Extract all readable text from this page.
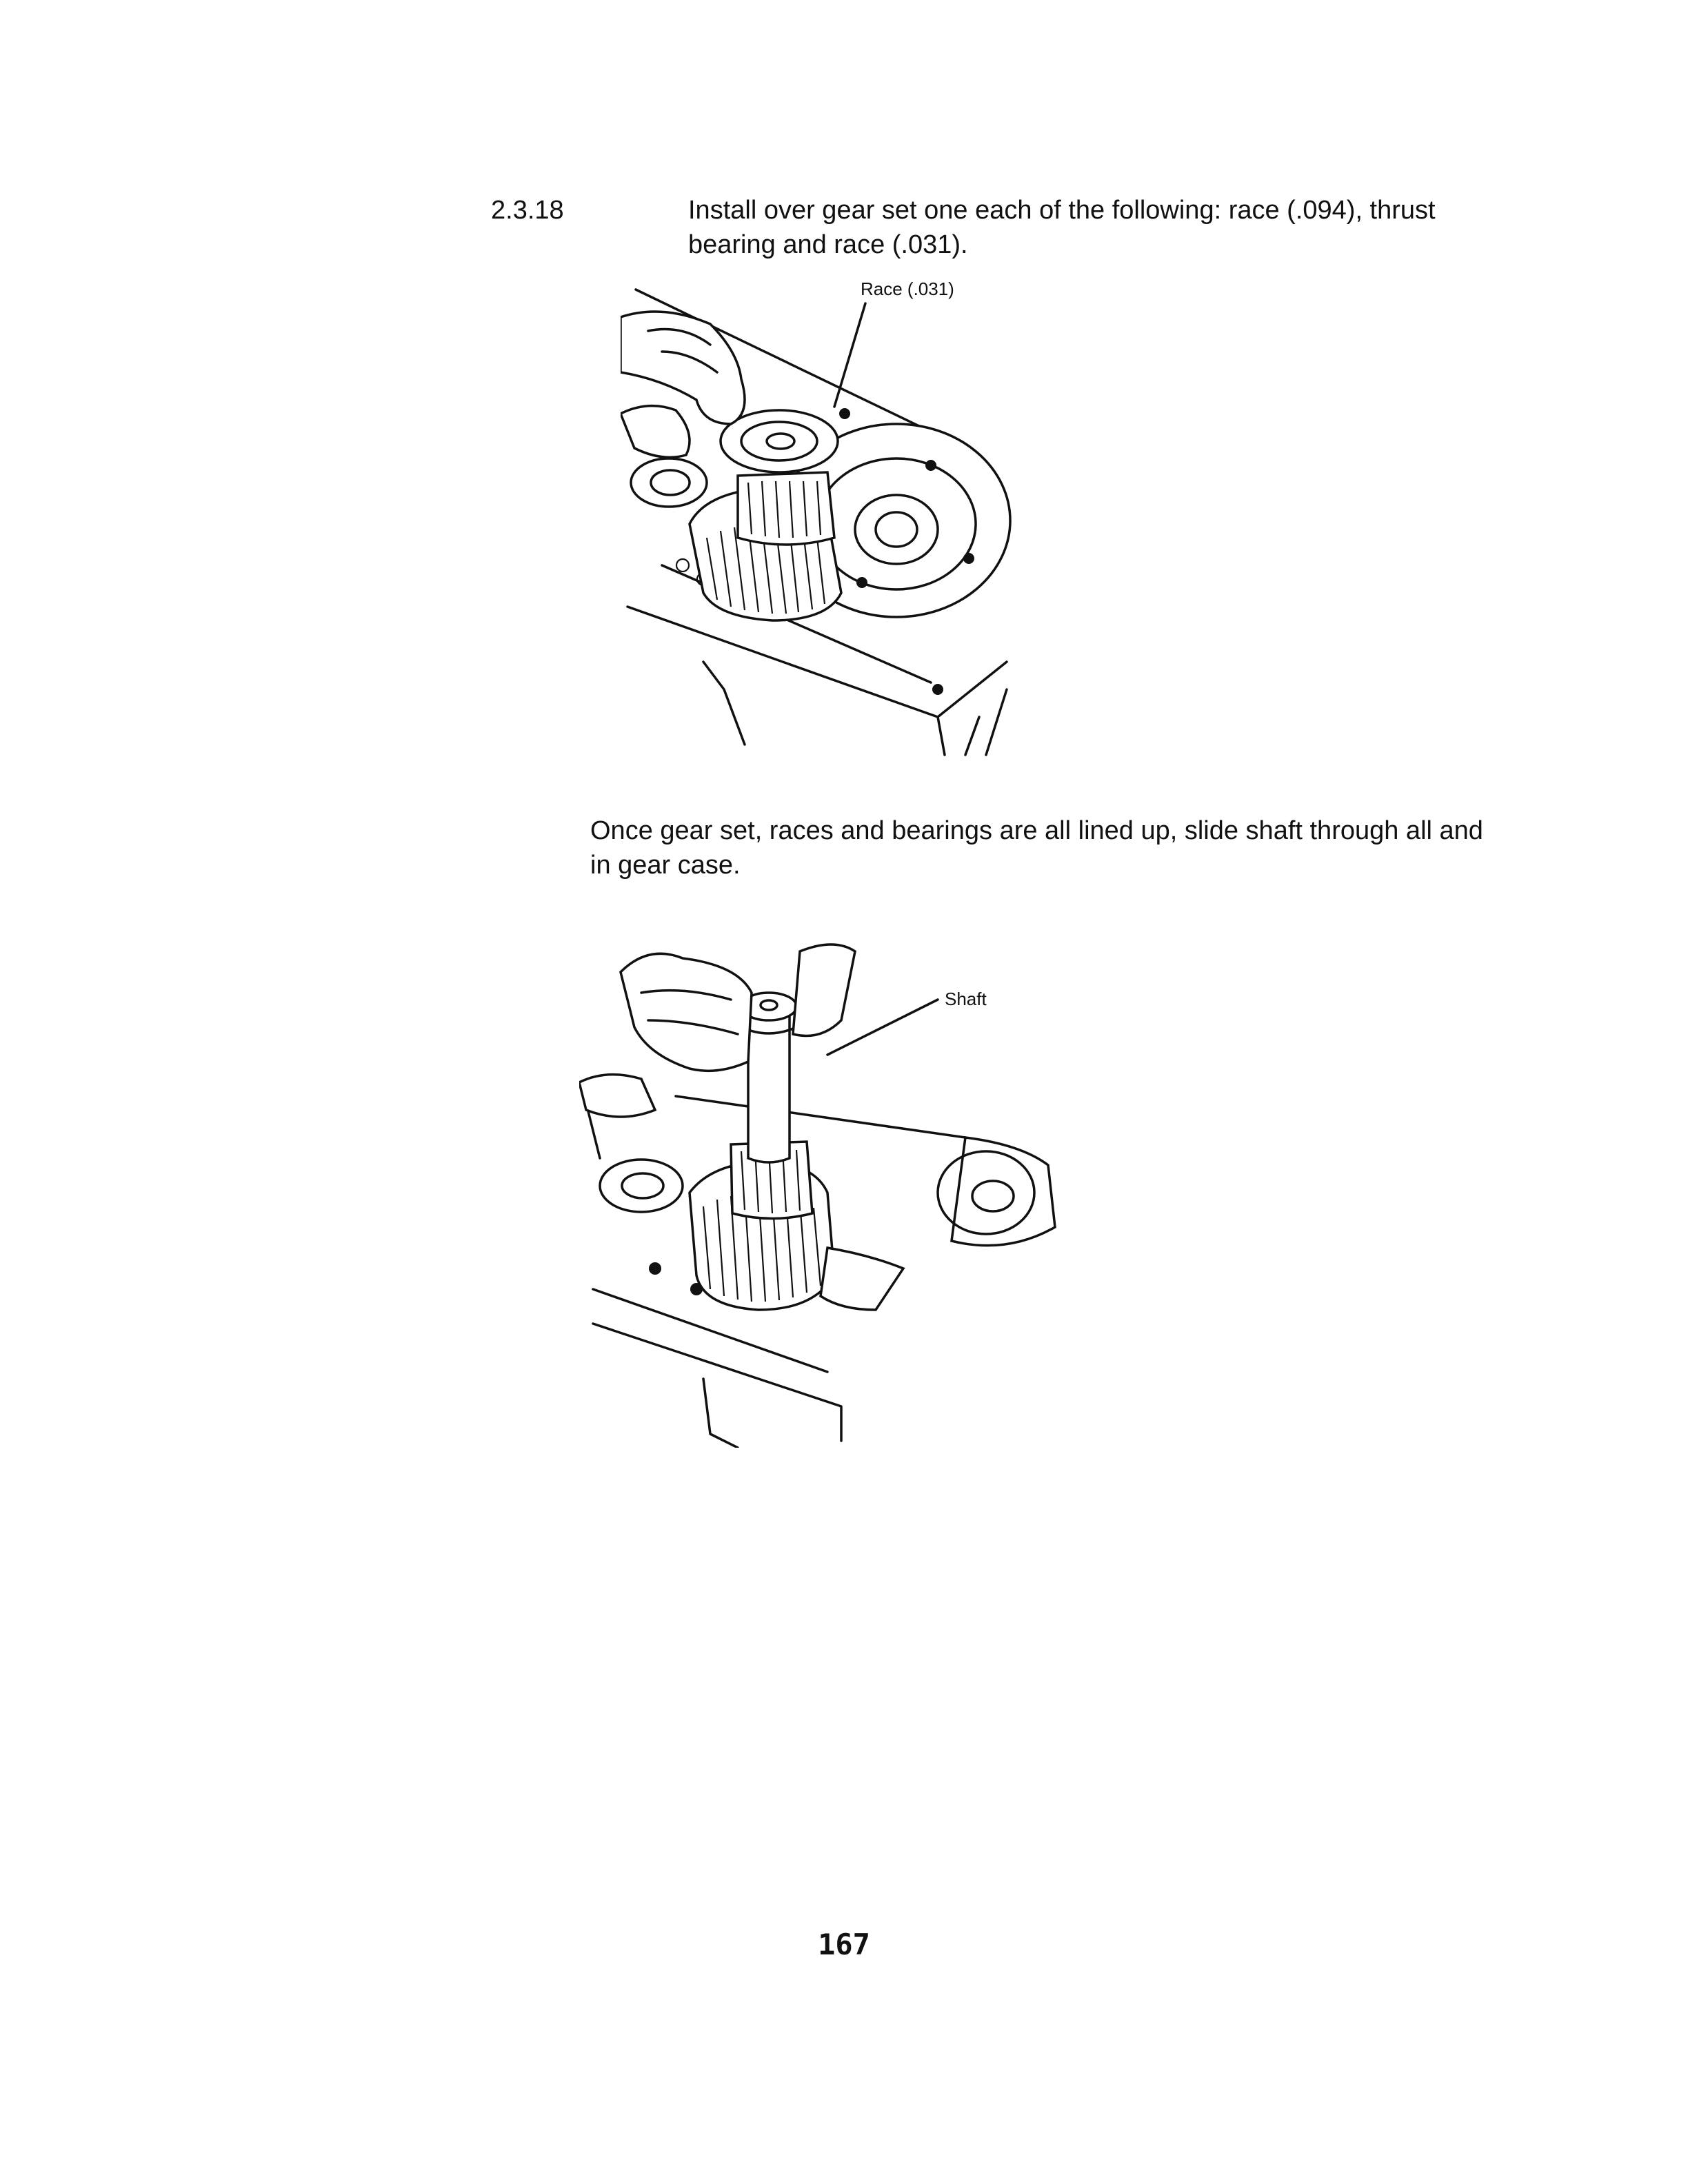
2.3.18	Install over gear set one each of the following: race (.094), thrust bearing and race (.031).
Race (.031)
Once gear set, races and bearings are all lined up, slide shaft through all and in gear case.
Shaft
167
